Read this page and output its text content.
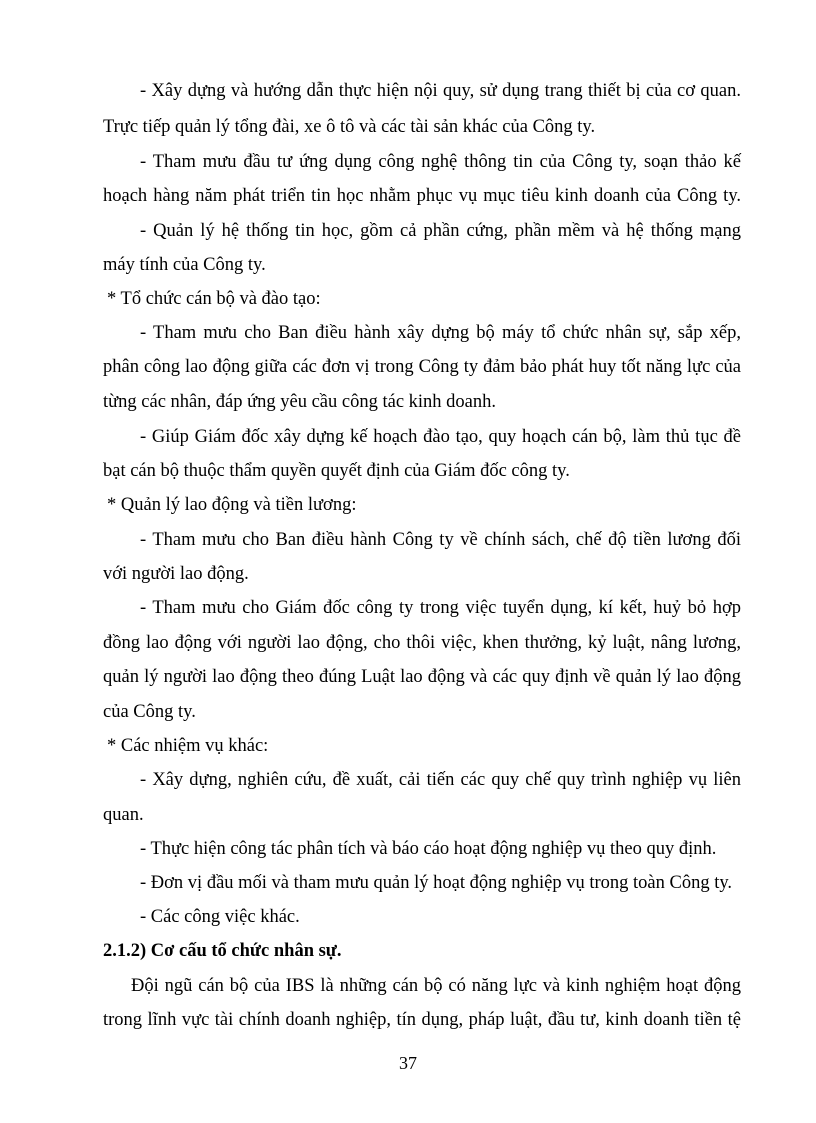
- Xây dựng và hướng dẫn thực hiện nội quy, sử dụng trang thiết bị của cơ quan.
Trực tiếp quản lý tổng đài, xe ô tô và các tài sản khác của Công ty.
- Tham mưu đầu tư ứng dụng công nghệ thông tin của Công ty, soạn thảo kế
hoạch hàng năm phát triển tin học nhằm phục vụ mục tiêu kinh doanh của Công ty.
- Quản lý hệ thống tin học, gồm cả phần cứng, phần mềm và hệ thống mạng
máy tính của Công ty.
* Tổ chức cán bộ và đào tạo:
- Tham mưu cho Ban điều hành xây dựng bộ máy tổ chức nhân sự, sắp xếp,
phân công lao động giữa các đơn vị trong Công ty đảm bảo phát huy tốt năng lực của
từng các nhân, đáp ứng yêu cầu công tác kinh doanh.
- Giúp Giám đốc xây dựng kế hoạch đào tạo, quy hoạch cán bộ, làm thủ tục đề
bạt cán bộ thuộc thẩm quyền quyết định của Giám đốc công ty.
* Quản lý lao động và tiền lương:
- Tham mưu cho Ban điều hành Công ty về chính sách, chế độ tiền lương đối
với người lao động.
- Tham mưu cho Giám đốc công ty trong việc tuyển dụng, kí kết, huỷ bỏ hợp
đồng lao động với người lao động, cho thôi việc, khen thưởng, kỷ luật, nâng lương,
quản lý người lao động theo đúng Luật lao động và các quy định về quản lý lao động
của Công ty.
* Các nhiệm vụ khác:
- Xây dựng, nghiên cứu, đề xuất, cải tiến các quy chế quy trình nghiệp vụ liên
quan.
- Thực hiện công tác phân tích và báo cáo hoạt động nghiệp vụ theo quy định.
- Đơn vị đầu mối và tham mưu quản lý hoạt động nghiệp vụ trong toàn Công ty.
- Các công việc khác.
2.1.2) Cơ cấu tổ chức nhân sự.
Đội ngũ cán bộ của IBS là những cán bộ có năng lực và kinh nghiệm hoạt động
trong lĩnh vực tài chính doanh nghiệp, tín dụng, pháp luật, đầu tư, kinh doanh tiền tệ
37
